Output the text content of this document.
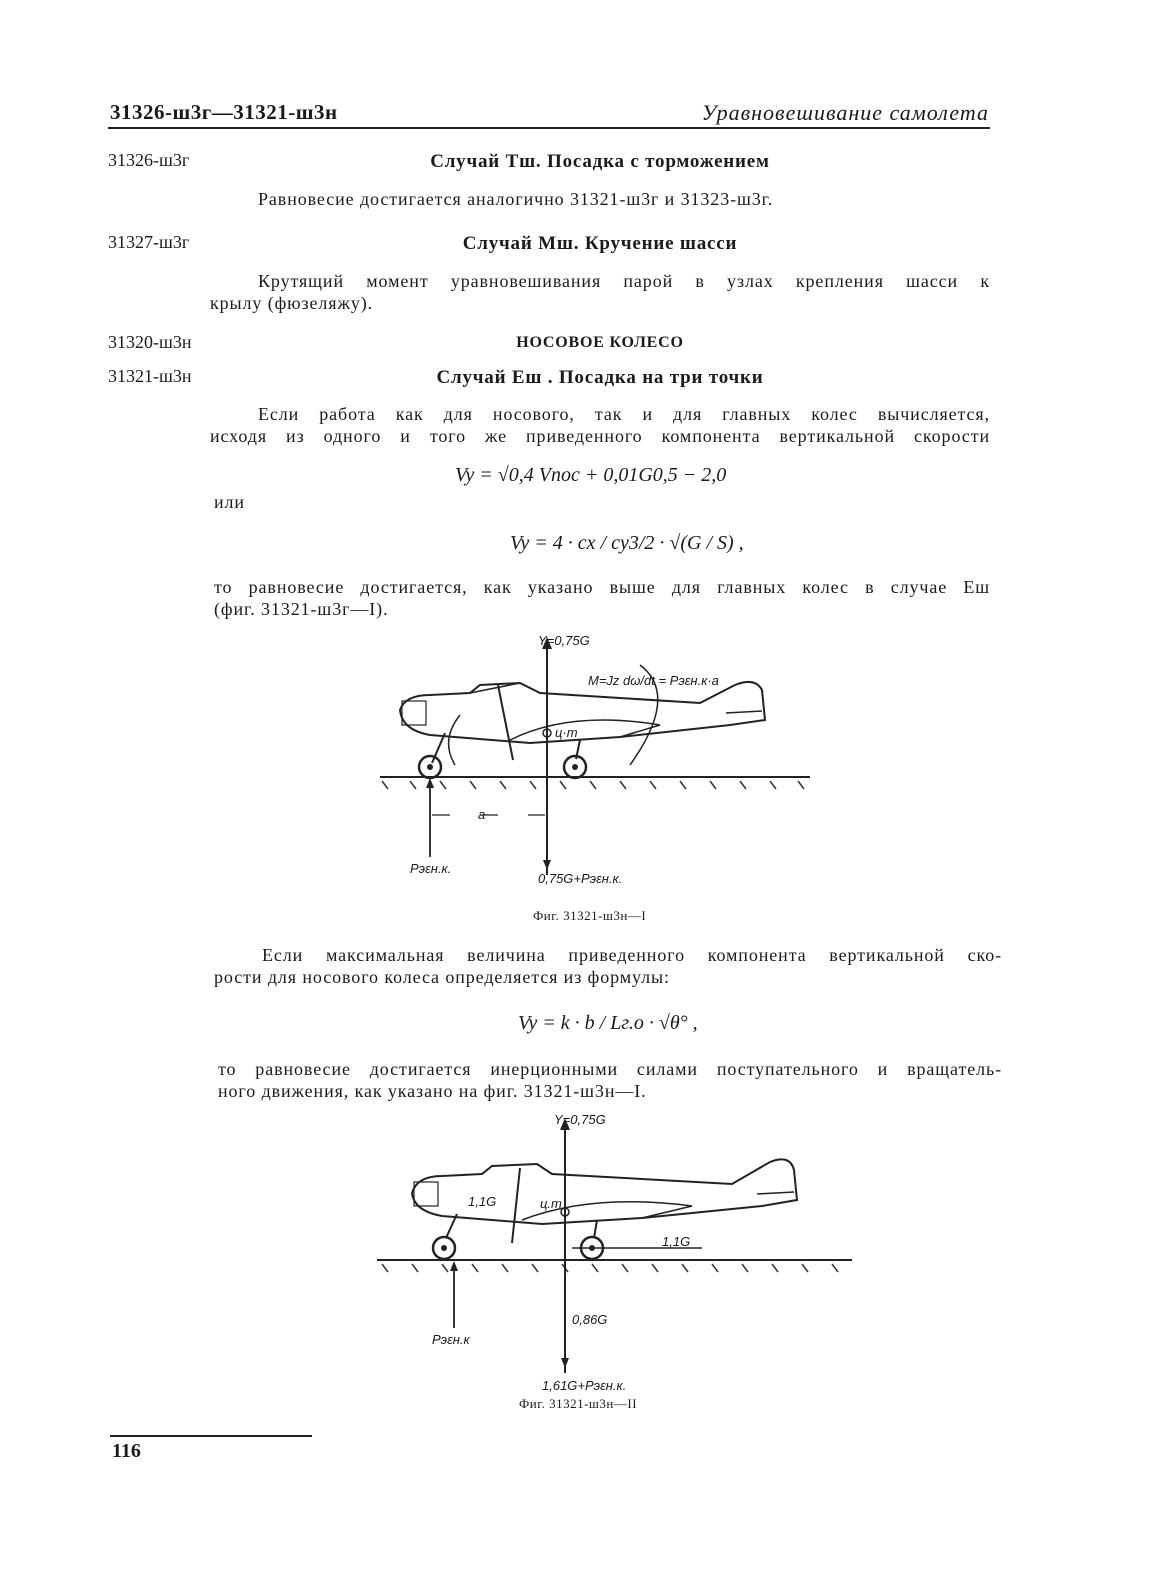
31326-ш3г—31321-ш3н	Уравновешивание самолета
31326-ш3г	Случай Тш. Посадка с торможением
Равновесие достигается аналогично 31321-ш3г и 31323-ш3г.
31327-ш3г	Случай Мш. Кручение шасси
Крутящий момент уравновешивания парой в узлах крепления шасси к
крылу (фюзеляжу).
31320-ш3н	НОСОВОЕ КОЛЕСО
31321-ш3н	Случай Еш . Посадка на три точки
Если работа как для носового, так и для главных колес вычисляется,
исходя из одного и того же приведенного компонента вертикальной скорости
Vy = √0,4 Vпос + 0,01G0,5 − 2,0
или
Vy = 4 · cx / cy3/2 · √(G / S) ,
то равновесие достигается, как указано выше для главных колес в случае Еш
(фиг. 31321-ш3г—I).
Y=0,75G
M=Jz dω/dt = Pэεн.к·a
ц·т
a
Pэεн.к.
0,75G+Pэεн.к.
Фиг. 31321-ш3н—I
Если максимальная величина приведенного компонента вертикальной ско-
рости для носового колеса определяется из формулы:
Vy = k · b / Lг.о · √θ° ,
то равновесие достигается инерционными силами поступательного и вращатель-
ного движения, как указано на фиг. 31321-ш3н—I.
Y=0,75G
1,1G	ц.т
1,1G
Pэεн.к
0,86G
1,61G+Pэεн.к.
Фиг. 31321-ш3н—II
116
